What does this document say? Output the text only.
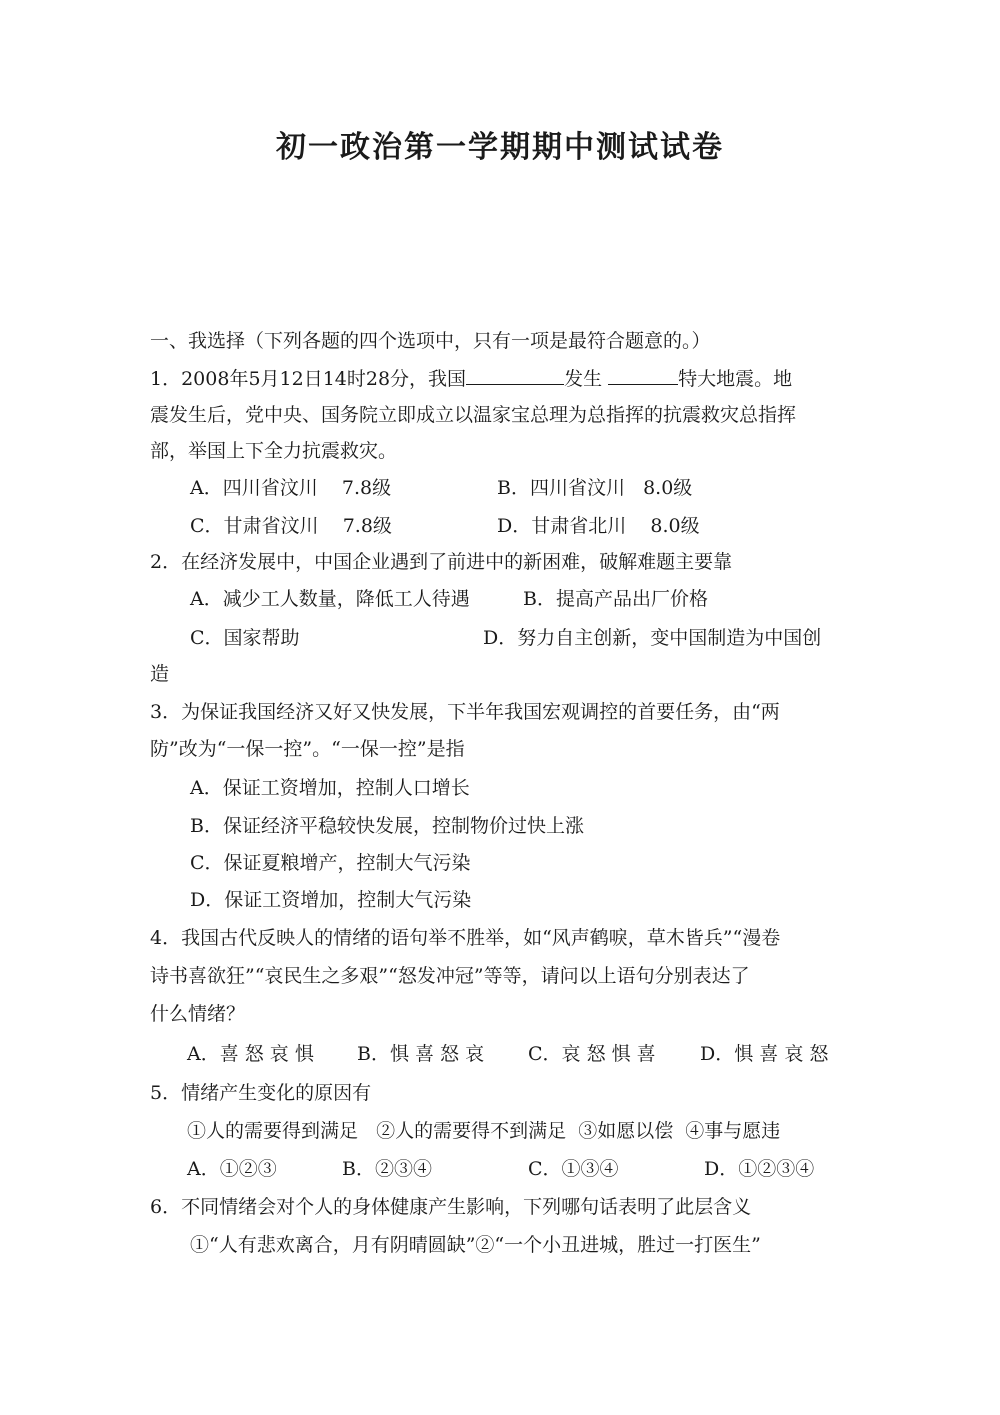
初一政治第一学期期中测试试卷
一、我选择（下列各题的四个选项中，只有一项是最符合题意的。）
1．2008年5月12日14时28分，我国	发生	特大地震。地
震发生后，党中央、国务院立即成立以温家宝总理为总指挥的抗震救灾总指挥
部，举国上下全力抗震救灾。
A．四川省汶川    7.8级	B．四川省汶川   8.0级
C．甘肃省汶川    7.8级	D．甘肃省北川    8.0级
2．在经济发展中，中国企业遇到了前进中的新困难，破解难题主要靠
A．减少工人数量，降低工人待遇	B．提高产品出厂价格
C．国家帮助	D．努力自主创新，变中国制造为中国创
造
3．为保证我国经济又好又快发展，下半年我国宏观调控的首要任务，由“两
防”改为“一保一控”。“一保一控”是指
A．保证工资增加，控制人口增长
B．保证经济平稳较快发展，控制物价过快上涨
C．保证夏粮增产，控制大气污染
D．保证工资增加，控制大气污染
4．我国古代反映人的情绪的语句举不胜举，如“风声鹤唳，草木皆兵”“漫卷
诗书喜欲狂”“哀民生之多艰”“怒发冲冠”等等，请问以上语句分别表达了
什么情绪？
A．喜 怒 哀 惧 B．惧 喜 怒 哀 C．哀 怒 惧 喜 D．惧 喜 哀 怒
5．情绪产生变化的原因有
①人的需要得到满足   ②人的需要得不到满足  ③如愿以偿  ④事与愿违
A．①②③	B．②③④	C．①③④	D．①②③④
6．不同情绪会对个人的身体健康产生影响，下列哪句话表明了此层含义
①“人有悲欢离合，月有阴晴圆缺”②“一个小丑进城，胜过一打医生”
